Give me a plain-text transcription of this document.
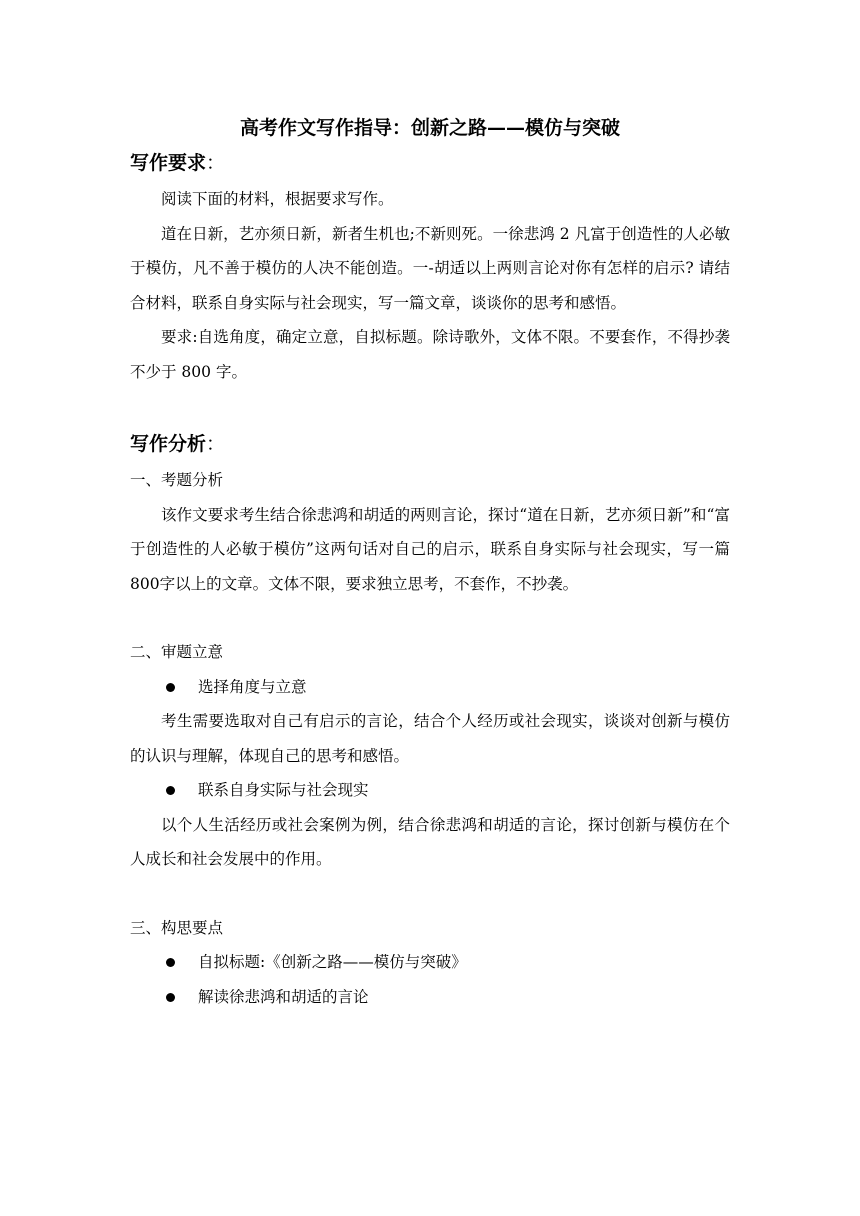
高考作文写作指导：创新之路——模仿与突破
写作要求：

阅读下面的材料，根据要求写作。

道在日新，艺亦须日新，新者生机也;不新则死。一徐悲鸿 2 凡富于创造性的人必敏于模仿，凡不善于模仿的人决不能创造。一-胡适以上两则言论对你有怎样的启示? 请结合材料，联系自身实际与社会现实，写一篇文章，谈谈你的思考和感悟。

要求:自选角度，确定立意，自拟标题。除诗歌外，文体不限。不要套作，不得抄袭不少于 800 字。

写作分析：

一、考题分析

该作文要求考生结合徐悲鸿和胡适的两则言论，探讨“道在日新，艺亦须日新”和“富于创造性的人必敏于模仿”这两句话对自己的启示，联系自身实际与社会现实，写一篇800字以上的文章。文体不限，要求独立思考，不套作，不抄袭。

二、审题立意

选择角度与立意

考生需要选取对自己有启示的言论，结合个人经历或社会现实，谈谈对创新与模仿的认识与理解，体现自己的思考和感悟。

联系自身实际与社会现实

以个人生活经历或社会案例为例，结合徐悲鸿和胡适的言论，探讨创新与模仿在个人成长和社会发展中的作用。

三、构思要点

自拟标题:《创新之路——模仿与突破》

解读徐悲鸿和胡适的言论
